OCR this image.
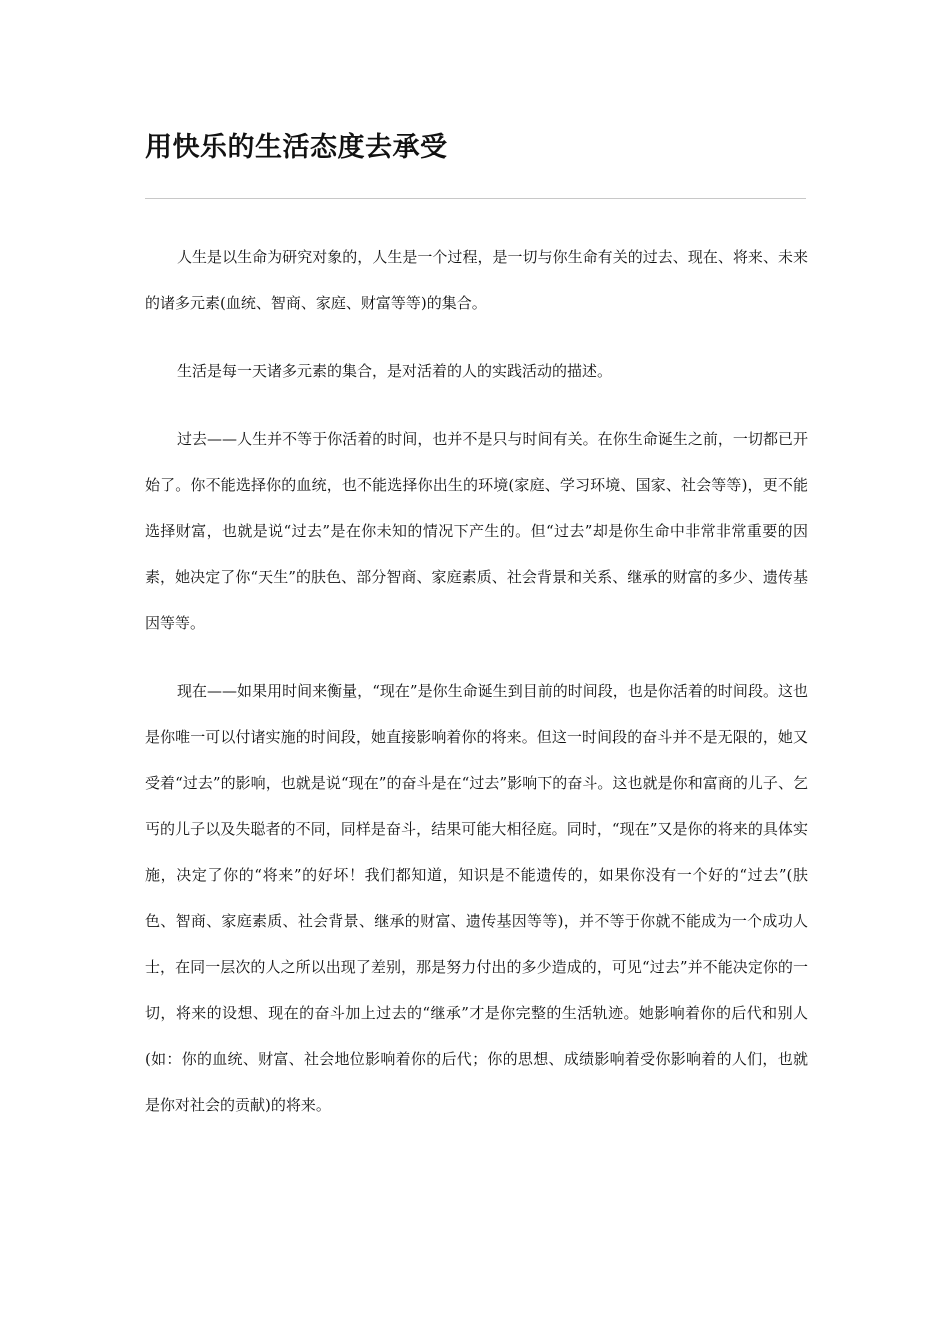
用快乐的生活态度去承受

人生是以生命为研究对象的，人生是一个过程，是一切与你生命有关的过去、现在、将来、未来的诸多元素(血统、智商、家庭、财富等等)的集合。

生活是每一天诸多元素的集合，是对活着的人的实践活动的描述。

过去——人生并不等于你活着的时间，也并不是只与时间有关。在你生命诞生之前，一切都已开始了。你不能选择你的血统，也不能选择你出生的环境(家庭、学习环境、国家、社会等等)，更不能选择财富，也就是说“过去”是在你未知的情况下产生的。但“过去”却是你生命中非常非常重要的因素，她决定了你“天生”的肤色、部分智商、家庭素质、社会背景和关系、继承的财富的多少、遗传基因等等。

现在——如果用时间来衡量，“现在”是你生命诞生到目前的时间段，也是你活着的时间段。这也是你唯一可以付诸实施的时间段，她直接影响着你的将来。但这一时间段的奋斗并不是无限的，她又受着“过去”的影响，也就是说“现在”的奋斗是在“过去”影响下的奋斗。这也就是你和富商的儿子、乞丐的儿子以及失聪者的不同，同样是奋斗，结果可能大相径庭。同时，“现在”又是你的将来的具体实施，决定了你的“将来”的好坏！我们都知道，知识是不能遗传的，如果你没有一个好的“过去”(肤色、智商、家庭素质、社会背景、继承的财富、遗传基因等等)，并不等于你就不能成为一个成功人士，在同一层次的人之所以出现了差别，那是努力付出的多少造成的，可见“过去”并不能决定你的一切，将来的设想、现在的奋斗加上过去的“继承”才是你完整的生活轨迹。她影响着你的后代和别人(如：你的血统、财富、社会地位影响着你的后代；你的思想、成绩影响着受你影响着的人们，也就是你对社会的贡献)的将来。
